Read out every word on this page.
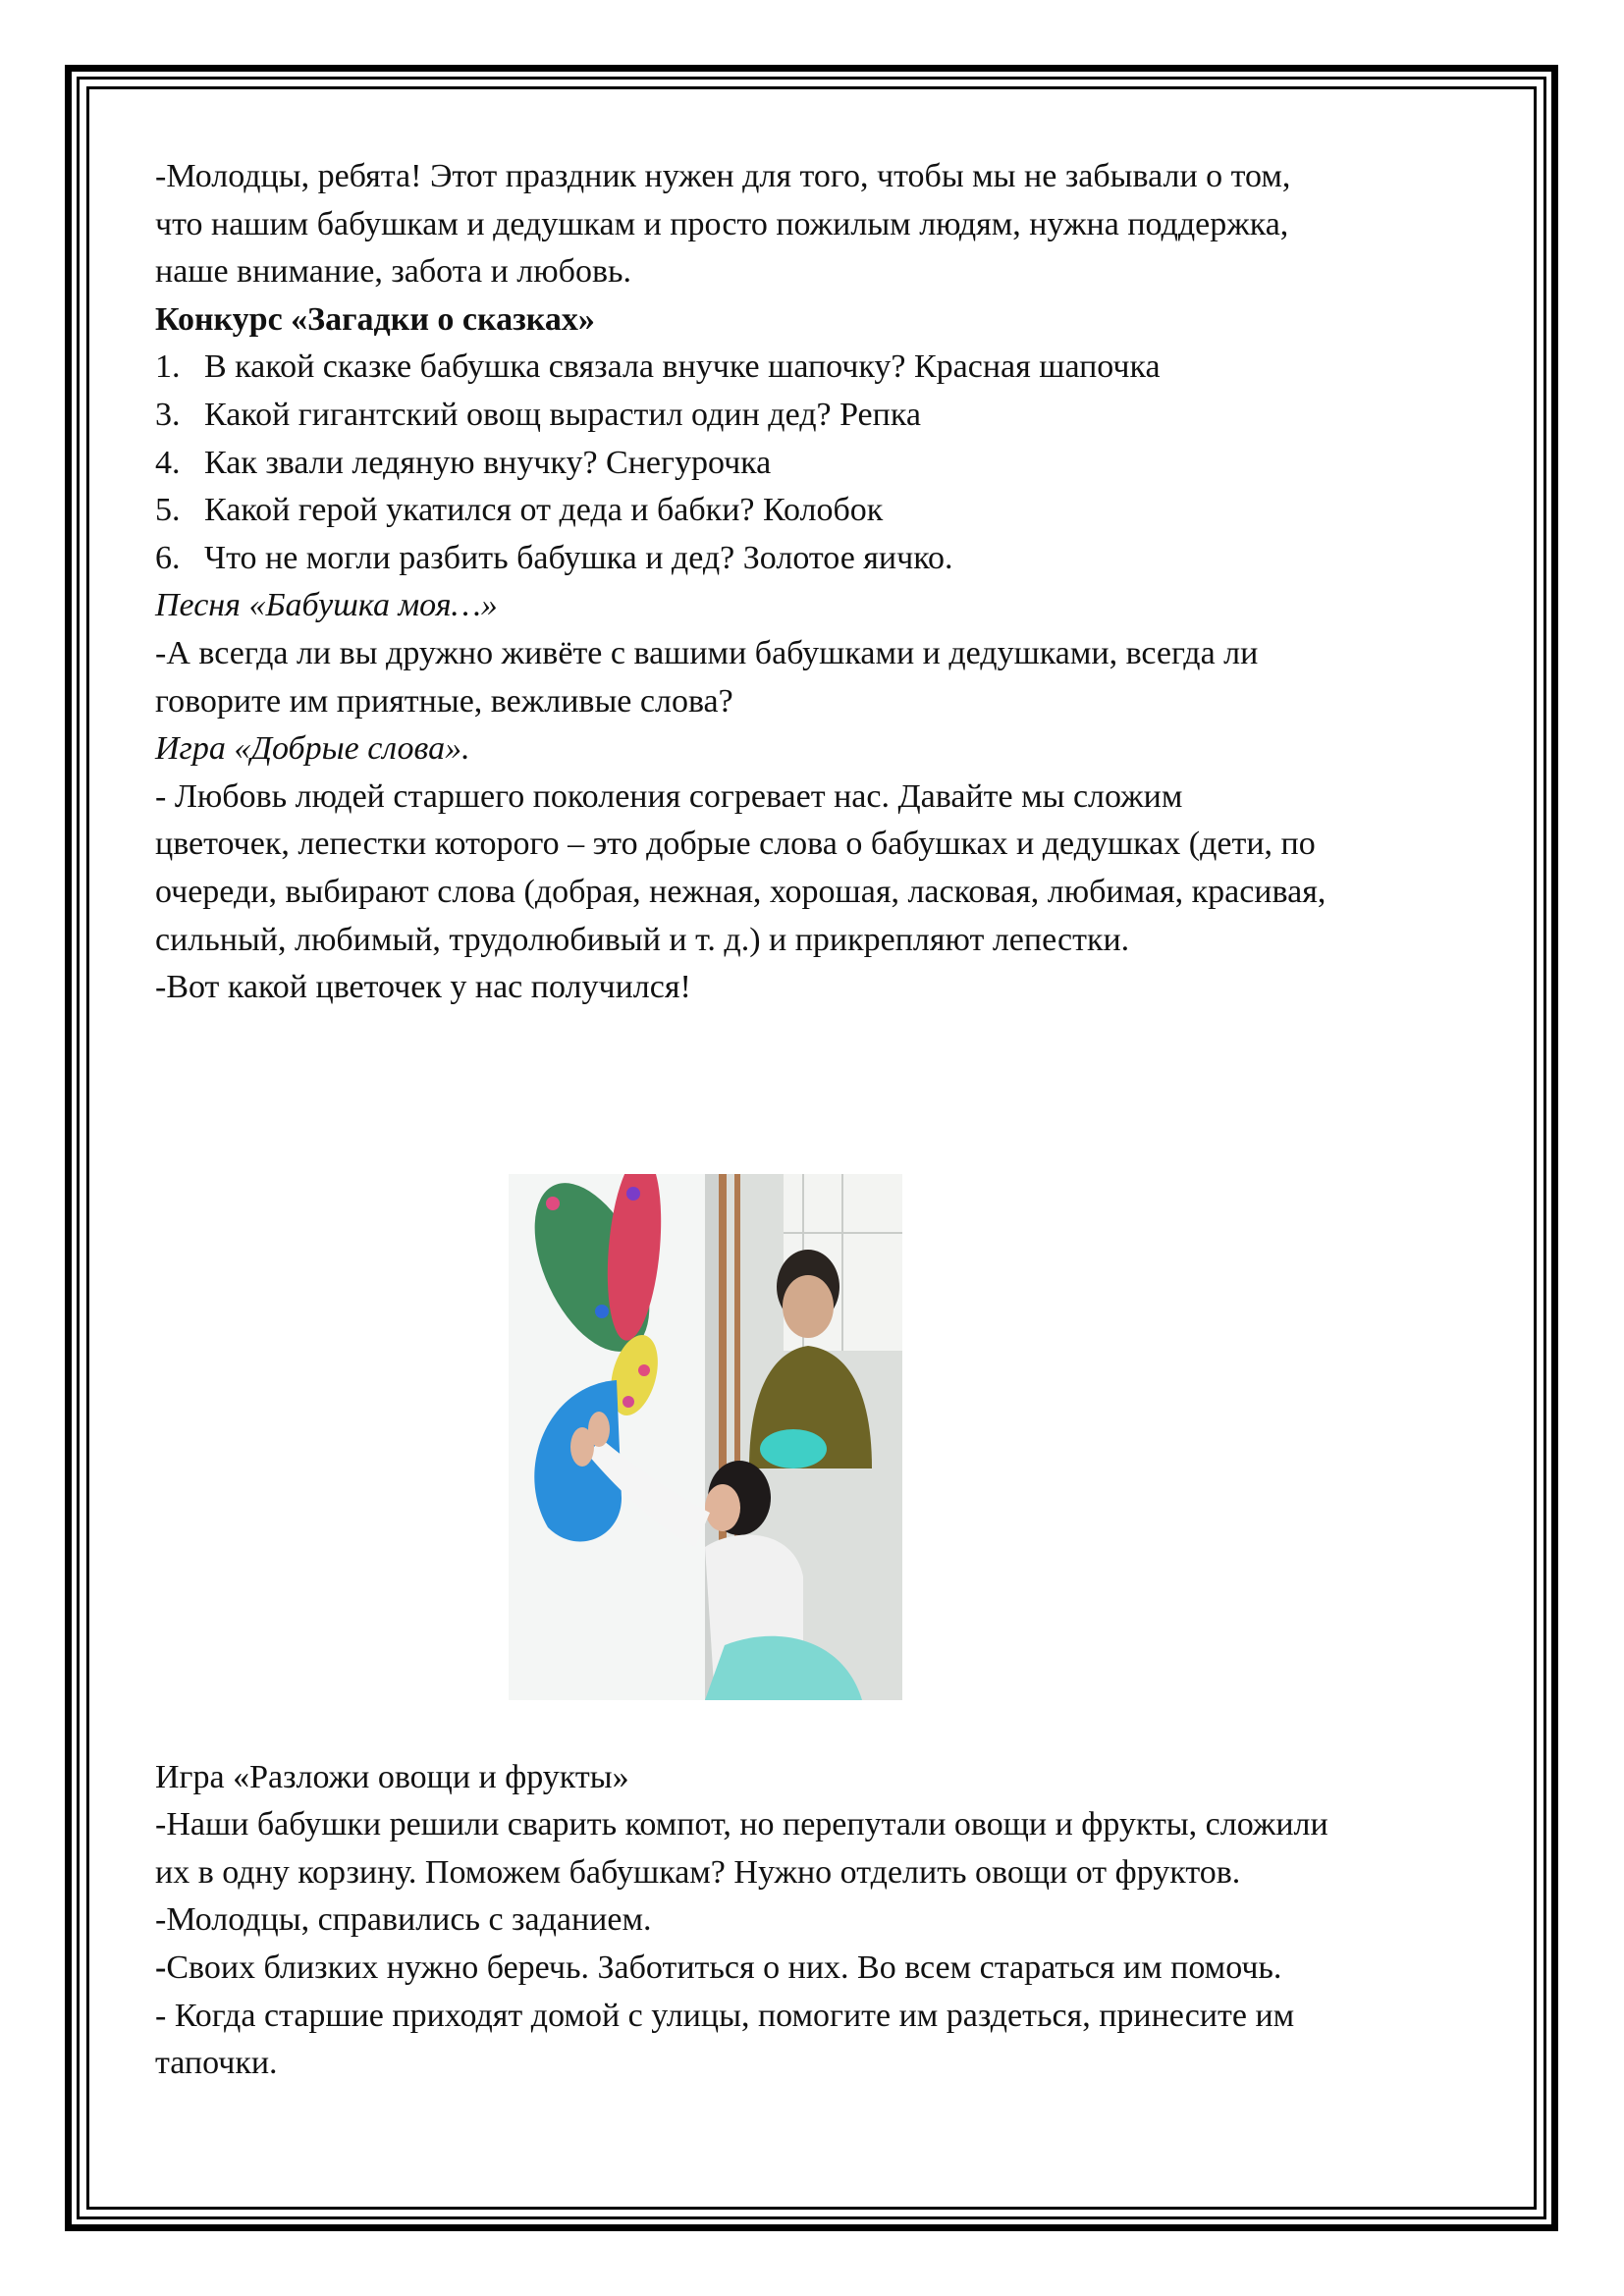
-Молодцы, ребята! Этот праздник нужен для того, чтобы мы не забывали о том,

что нашим бабушкам и дедушкам и просто пожилым людям, нужна поддержка,

наше внимание, забота и любовь.

Конкурс «Загадки о сказках»

1. В какой сказке бабушка связала внучке шапочку? Красная шапочка

3. Какой гигантский овощ вырастил один дед? Репка

4. Как звали ледяную внучку? Снегурочка

5. Какой герой укатился от деда и бабки? Колобок

6. Что не могли разбить бабушка и дед? Золотое яичко.

Песня «Бабушка моя…»

-А всегда ли вы дружно живёте с вашими бабушками и дедушками, всегда ли

говорите им приятные, вежливые слова?

Игра «Добрые слова».

- Любовь людей старшего поколения согревает нас. Давайте мы сложим

цветочек, лепестки которого – это добрые слова о бабушках и дедушках (дети, по

очереди, выбирают слова (добрая, нежная, хорошая, ласковая, любимая, красивая,

сильный, любимый, трудолюбивый и т. д.) и прикрепляют лепестки.

-Вот какой цветочек у нас получился!

Игра «Разложи овощи и фрукты»

-Наши бабушки решили сварить компот, но перепутали овощи и фрукты, сложили

их в одну корзину. Поможем бабушкам? Нужно отделить овощи от фруктов.

-Молодцы, справились с заданием.

-Своих близких нужно беречь. Заботиться о них. Во всем стараться им помочь.

- Когда старшие приходят домой с улицы, помогите им раздеться, принесите им

тапочки.
